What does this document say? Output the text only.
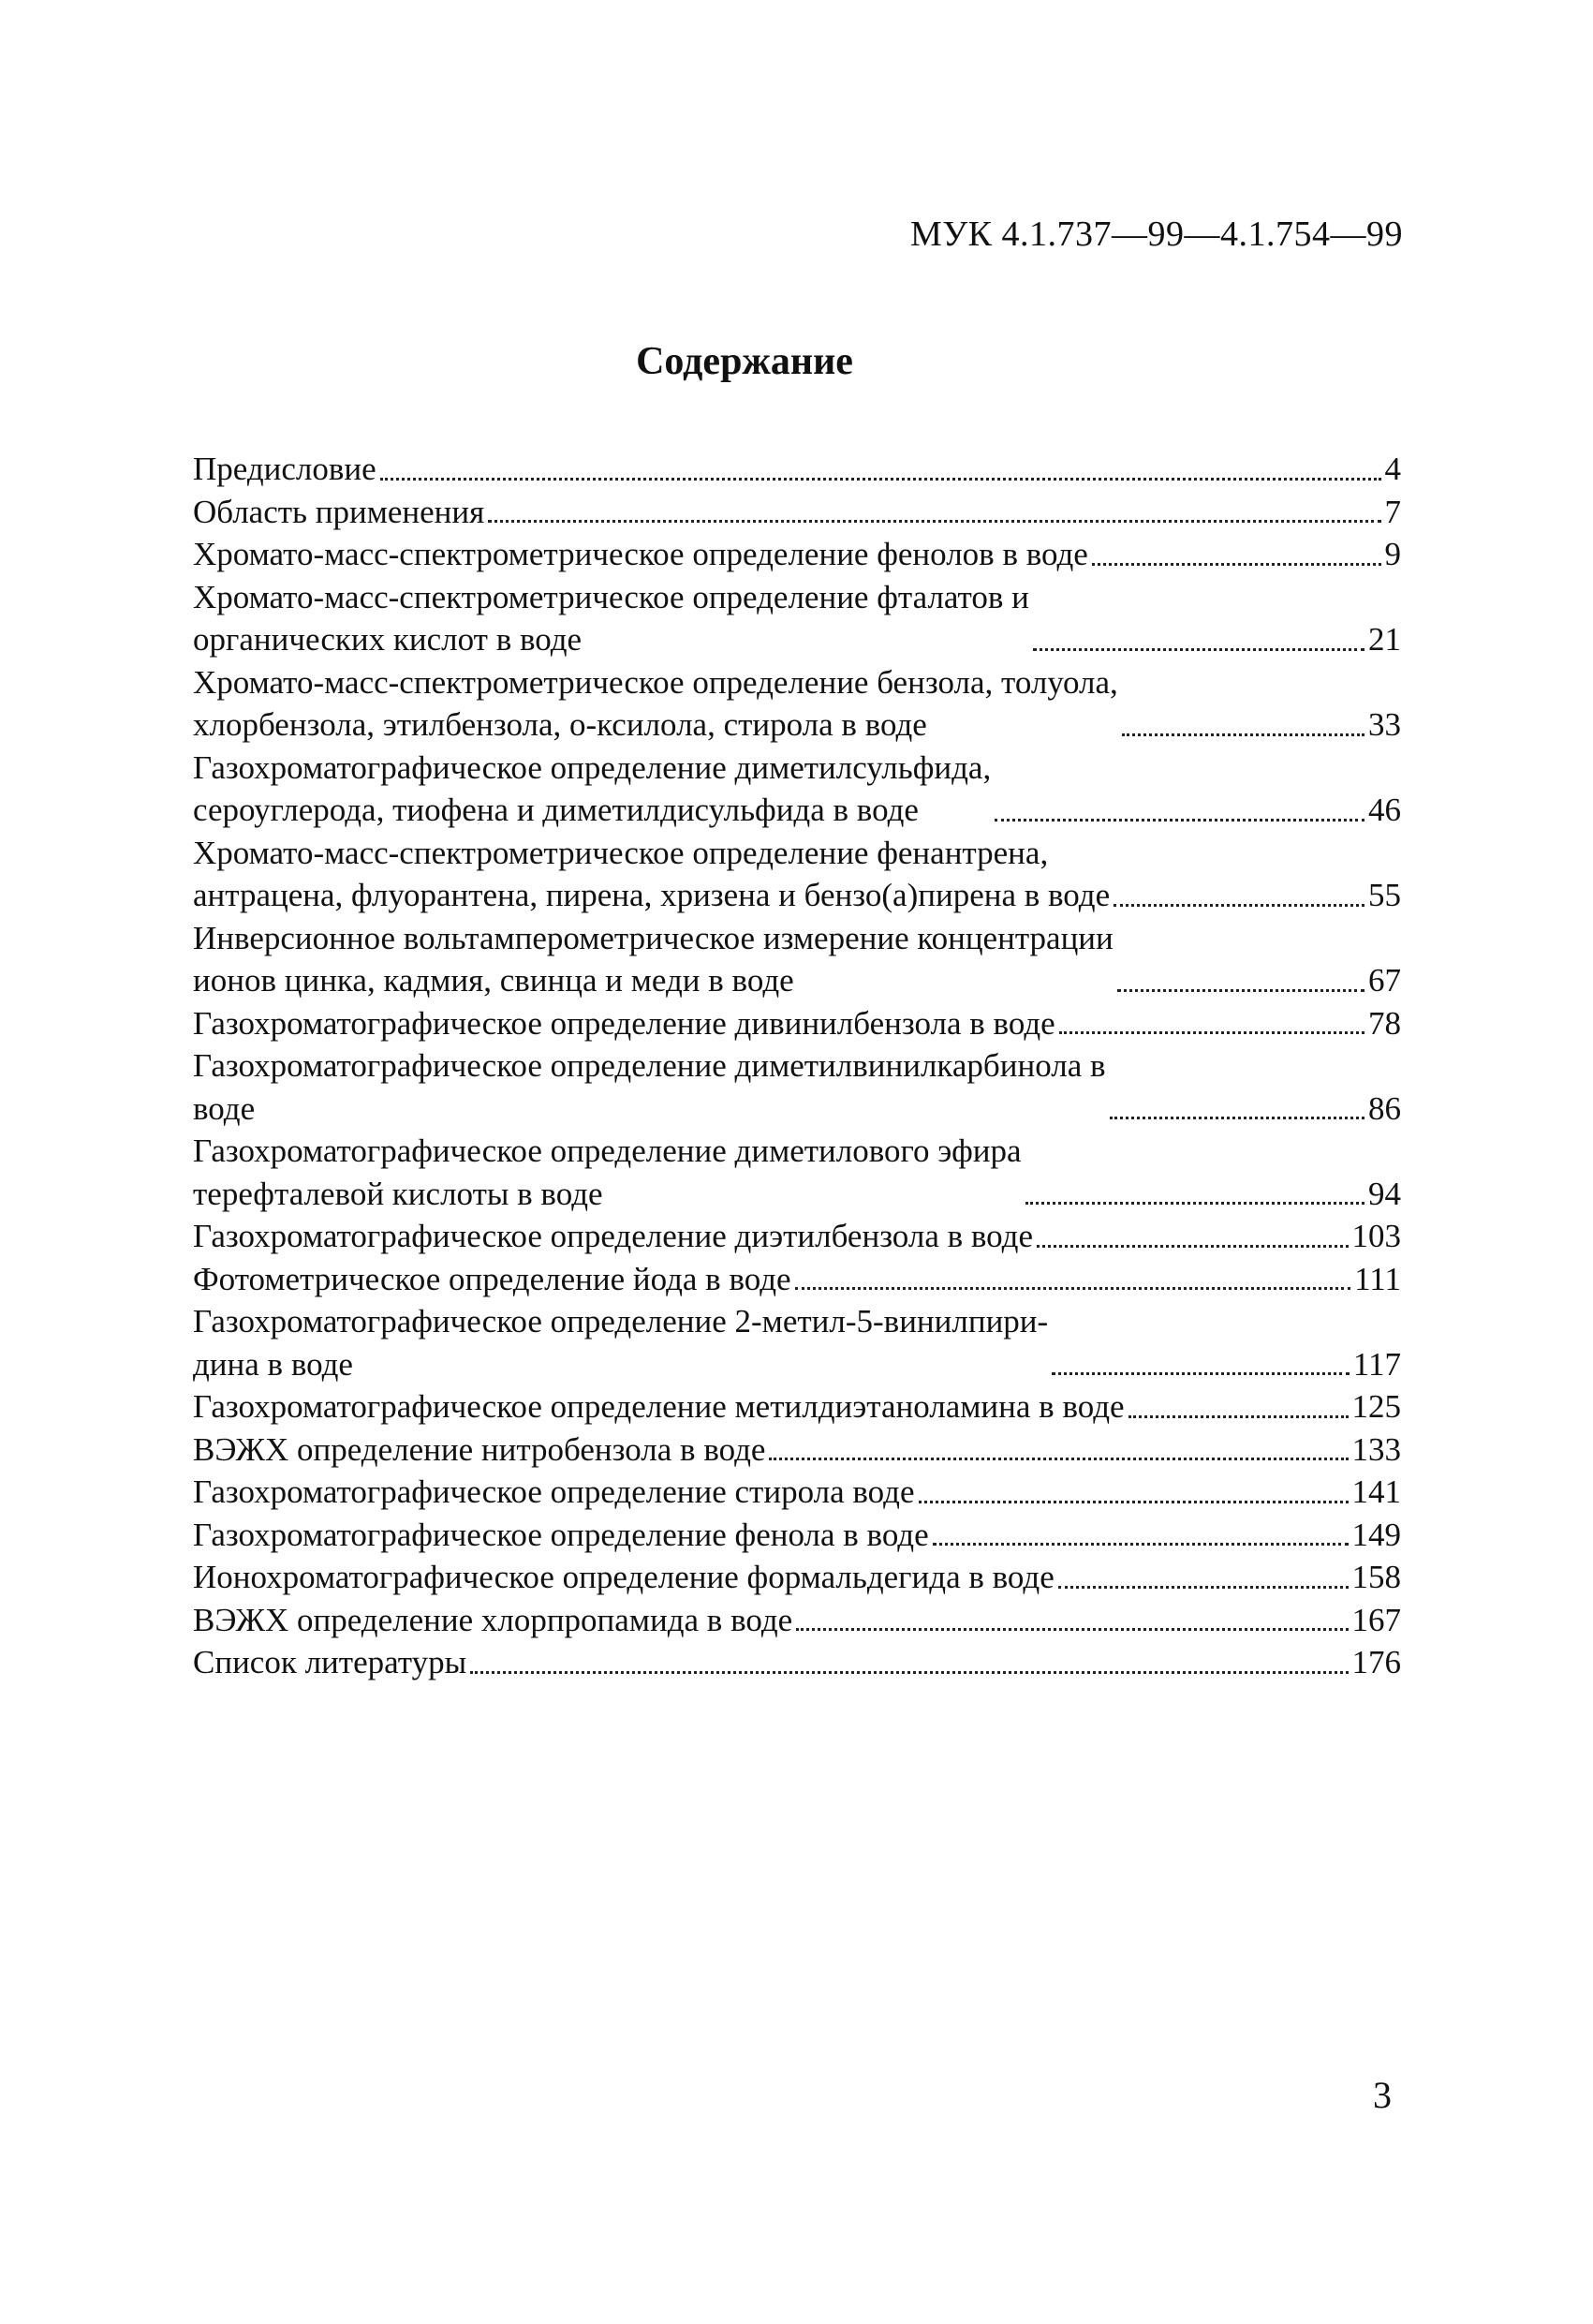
МУК 4.1.737—99—4.1.754—99
Содержание
Предисловие	4
Область применения	7
Хромато-масс-спектрометрическое определение фенолов в воде	9
Хромато-масс-спектрометрическое определение фталатов и
органических кислот в воде	21
Хромато-масс-спектрометрическое определение бензола, толуола,
хлорбензола, этилбензола, о-ксилола, стирола в воде	33
Газохроматографическое определение диметилсульфида,
сероуглерода, тиофена и диметилдисульфида в воде	46
Хромато-масс-спектрометрическое определение фенантрена,
антрацена, флуорантена, пирена, хризена и бензо(а)пирена в воде	55
Инверсионное вольтамперометрическое измерение концентрации
ионов цинка, кадмия, свинца и меди в воде	67
Газохроматографическое определение дивинилбензола в воде	78
Газохроматографическое определение диметилвинилкарбинола в
воде	86
Газохроматографическое определение диметилового эфира
терефталевой кислоты в воде	94
Газохроматографическое определение диэтилбензола в воде	103
Фотометрическое определение йода в воде	111
Газохроматографическое определение 2-метил-5-винилпири-
дина в воде	117
Газохроматографическое определение метилдиэтаноламина в воде	125
ВЭЖХ определение нитробензола в воде	133
Газохроматографическое определение стирола воде	141
Газохроматографическое определение фенола в воде	149
Ионохроматографическое определение формальдегида в воде	158
ВЭЖХ определение хлорпропамида в воде	167
Список литературы	176
3
